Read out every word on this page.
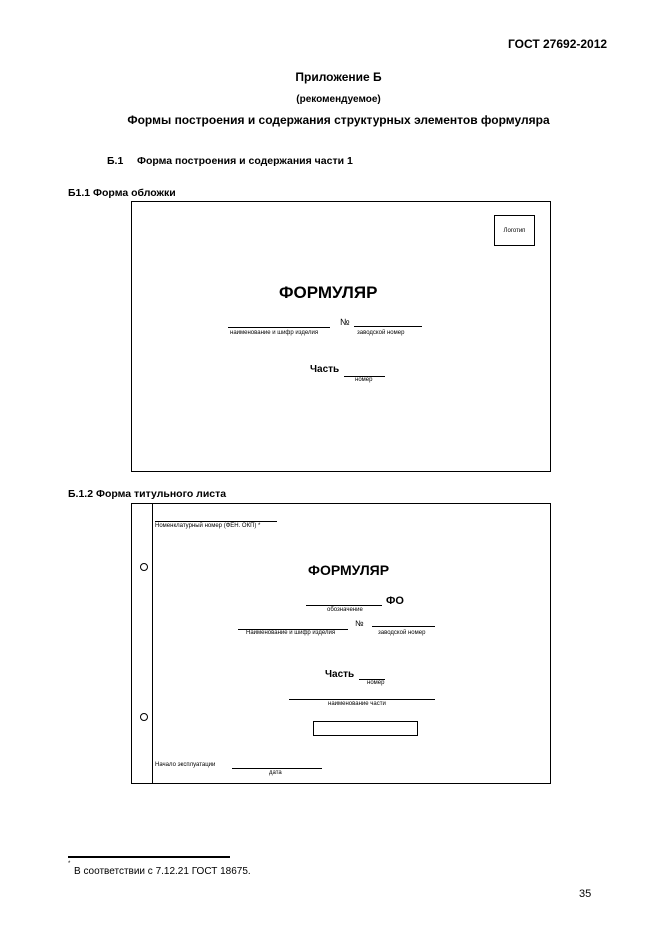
ГОСТ 27692-2012
Приложение Б
(рекомендуемое)
Формы построения и содержания структурных элементов формуляра
Б.1 Форма построения и содержания части 1
Б1.1 Форма обложки
Логотип
ФОРМУЛЯР
№
наименование и шифр изделия	заводской номер
Часть
номер
Б.1.2 Форма титульного листа
Номенклатурный номер (ФЕН. ОКП) *
ФОРМУЛЯР
ФО
обозначение
№
Наименование и шифр изделия	заводской номер
Часть
номер
наименование части
Начало эксплуатации
дата
*
В соответствии с 7.12.21 ГОСТ 18675.
35
